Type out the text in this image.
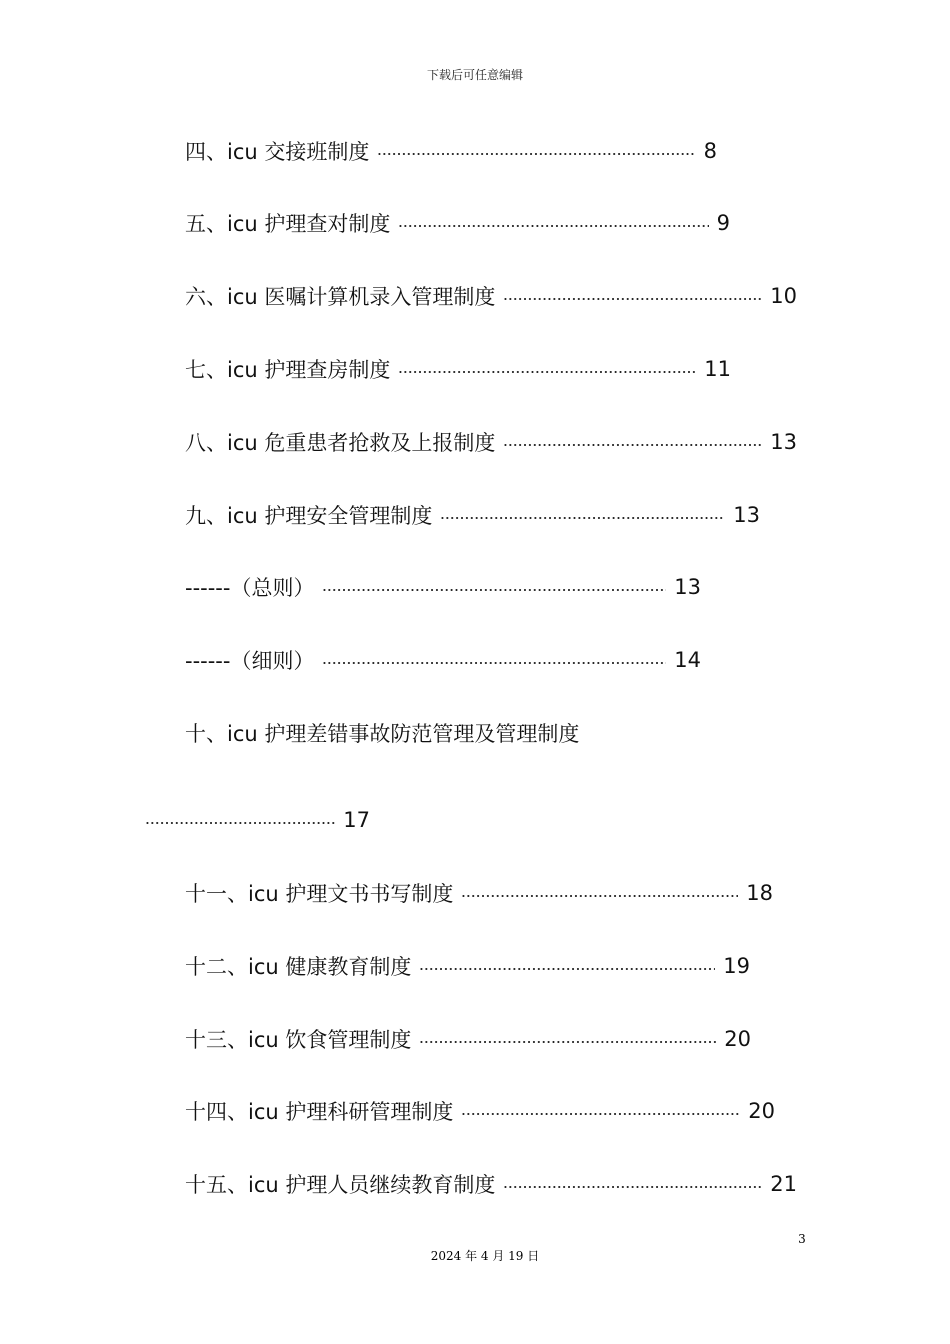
下载后可任意编辑
四、icu 交接班制度	8
五、icu 护理查对制度	9
六、icu 医嘱计算机录入管理制度	10
七、icu 护理查房制度	11
八、icu 危重患者抢救及上报制度	13
九、icu 护理安全管理制度	13
------（总则）	13
------（细则）	14
十、icu 护理差错事故防范管理及管理制度
17
十一、icu 护理文书书写制度	18
十二、icu 健康教育制度	19
十三、icu 饮食管理制度	20
十四、icu 护理科研管理制度	20
十五、icu 护理人员继续教育制度	21
3
2024 年 4 月 19 日
